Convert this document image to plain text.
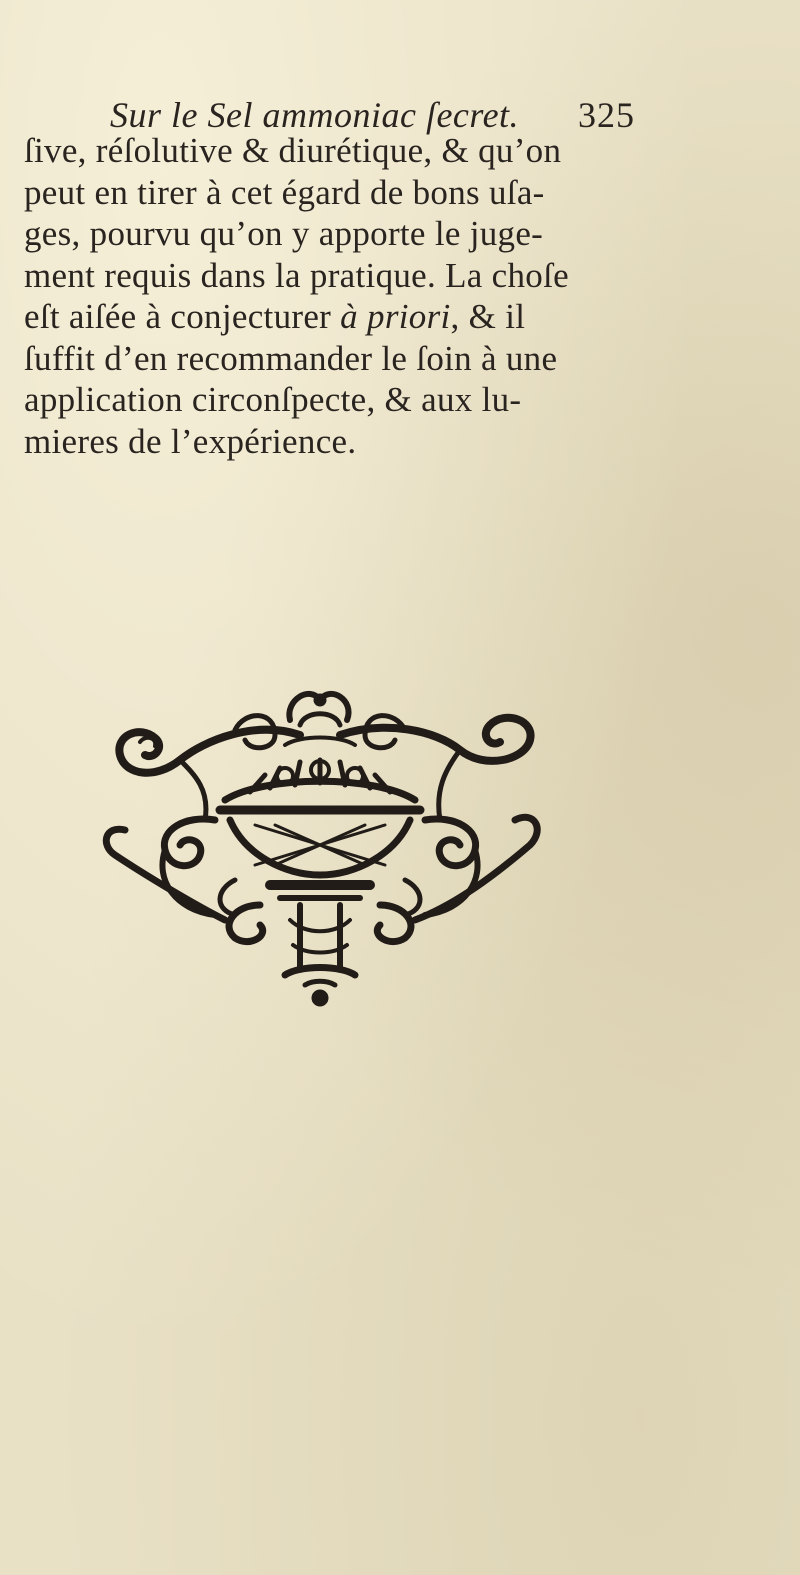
Sur le Sel ammoniac ſecret. 325
ſive, réſolutive & diurétique, & qu’on
peut en tirer à cet égard de bons uſa-
ges, pourvu qu’on y apporte le juge-
ment requis dans la pratique. La choſe
eſt aiſée à conjecturer à priori, & il
ſuffit d’en recommander le ſoin à une
application circonſpecte, & aux lu-
mieres de l’expérience.
